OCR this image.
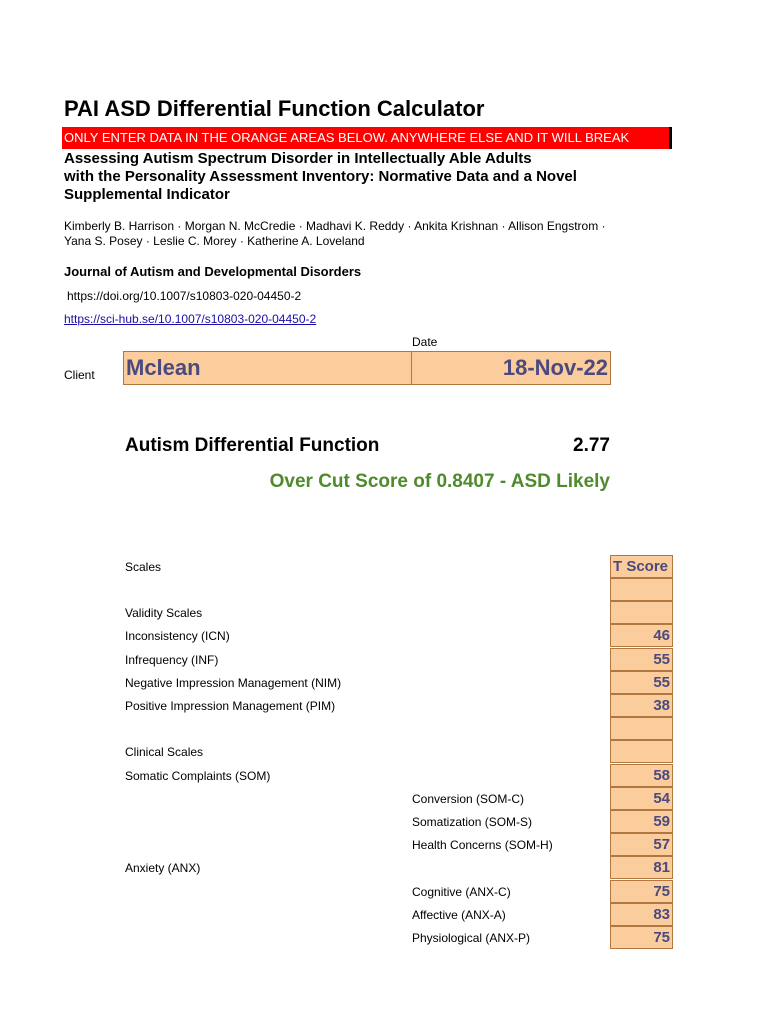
PAI ASD Differential Function Calculator
ONLY ENTER DATA IN THE ORANGE AREAS BELOW. ANYWHERE ELSE AND IT WILL BREAK
Assessing Autism Spectrum Disorder in Intellectually Able Adults
with the Personality Assessment Inventory: Normative Data and a Novel
Supplemental Indicator
Kimberly B. Harrison · Morgan N. McCredie · Madhavi K. Reddy · Ankita Krishnan · Allison Engstrom ·
Yana S. Posey · Leslie C. Morey · Katherine A. Loveland
Journal of Autism and Developmental Disorders
https://doi.org/10.1007/s10803-020-04450-2
https://sci-hub.se/10.1007/s10803-020-04450-2
Date
Client Mclean	18-Nov-22
Autism Differential Function	2.77
Over Cut Score of 0.8407 - ASD Likely
Scales	T Score
Validity Scales
Inconsistency (ICN)	46
Infrequency (INF)	55
Negative Impression Management (NIM)	55
Positive Impression Management (PIM)	38
Clinical Scales
Somatic Complaints (SOM)	58
Conversion (SOM-C)	54
Somatization (SOM-S)	59
Health Concerns (SOM-H)	57
Anxiety (ANX)	81
Cognitive (ANX-C)	75
Affective (ANX-A)	83
Physiological (ANX-P)	75
